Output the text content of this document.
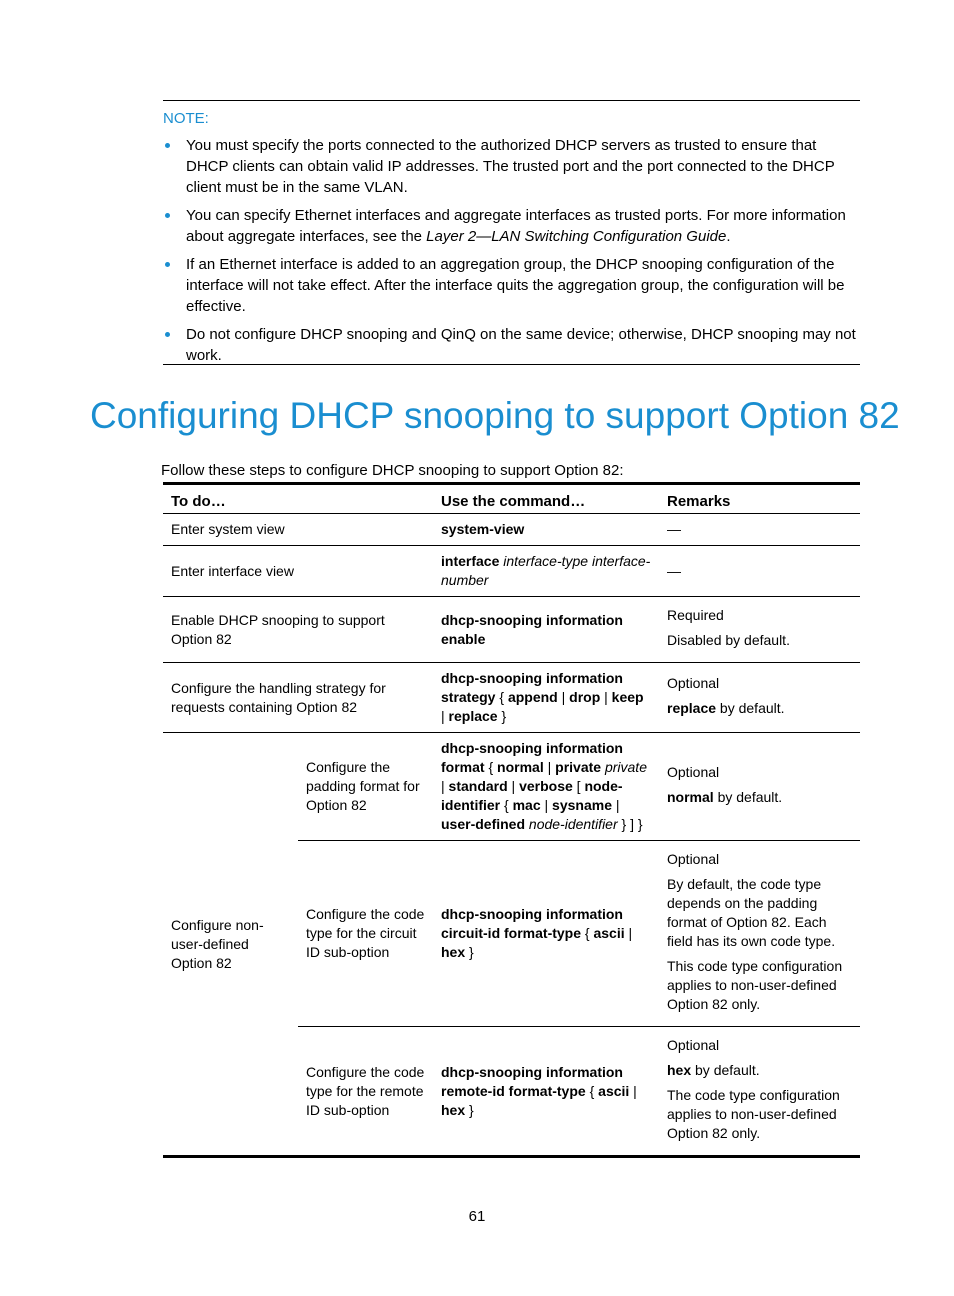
NOTE:
You must specify the ports connected to the authorized DHCP servers as trusted to ensure that DHCP clients can obtain valid IP addresses. The trusted port and the port connected to the DHCP client must be in the same VLAN.
You can specify Ethernet interfaces and aggregate interfaces as trusted ports. For more information about aggregate interfaces, see the Layer 2—LAN Switching Configuration Guide.
If an Ethernet interface is added to an aggregation group, the DHCP snooping configuration of the interface will not take effect. After the interface quits the aggregation group, the configuration will be effective.
Do not configure DHCP snooping and QinQ on the same device; otherwise, DHCP snooping may not work.
Configuring DHCP snooping to support Option 82

Follow these steps to configure DHCP snooping to support Option 82:

To do…		Use the command…	Remarks
Enter system view		system-view	—
Enter interface view		interface interface-type interface-number	—
Enable DHCP snooping to support Option 82		dhcp-snooping information enable	Required

Disabled by default.

Configure the handling strategy for requests containing Option 82		dhcp-snooping information strategy { append | drop | keep | replace }	Optional

replace by default.

Configure non-user-defined Option 82	Configure the padding format for Option 82	dhcp-snooping information format { normal | private private | standard | verbose [ node-identifier { mac | sysname | user-defined node-identifier } ] }	Optional

normal by default.

	Configure the code type for the circuit ID sub-option	dhcp-snooping information circuit-id format-type { ascii | hex }	Optional

By default, the code type depends on the padding format of Option 82. Each field has its own code type.

This code type configuration applies to non-user-defined Option 82 only.

	Configure the code type for the remote ID sub-option	dhcp-snooping information remote-id format-type { ascii | hex }	Optional

hex by default.

The code type configuration applies to non-user-defined Option 82 only.

61
